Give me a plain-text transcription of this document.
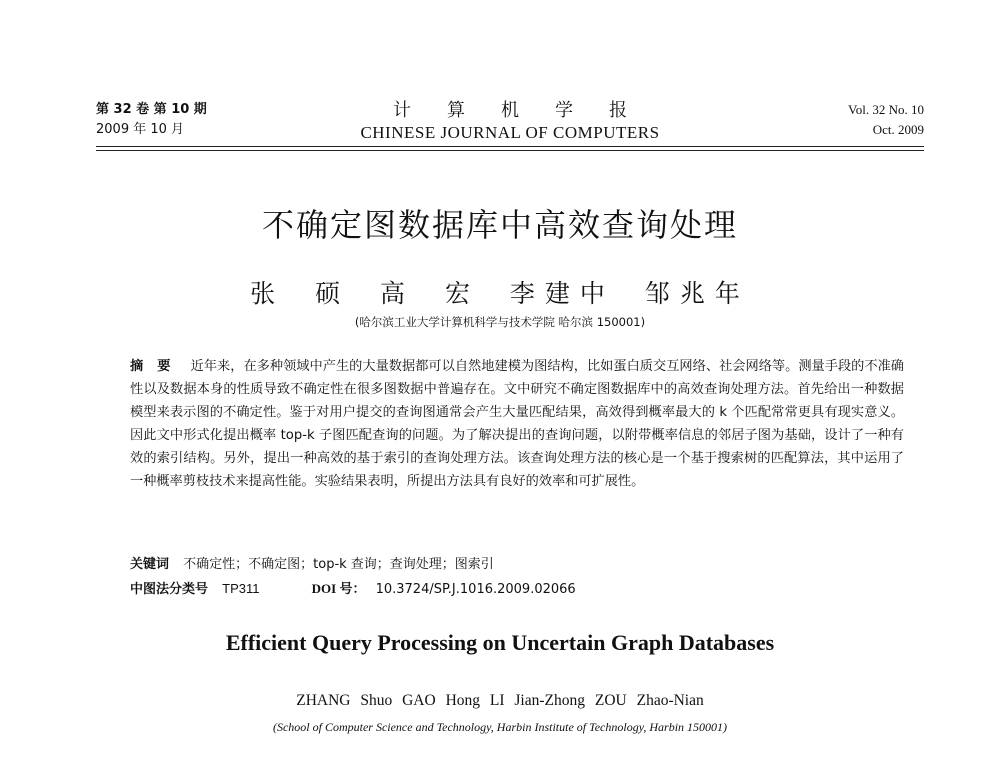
第 32 卷 第 10 期
2009 年 10 月
计算机学报
CHINESE JOURNAL OF COMPUTERS
Vol. 32 No. 10
Oct. 2009
不确定图数据库中高效查询处理
张 硕 高 宏 李建中 邹兆年
(哈尔滨工业大学计算机科学与技术学院 哈尔滨 150001)
摘要 近年来，在多种领域中产生的大量数据都可以自然地建模为图结构，比如蛋白质交互网络、社会网络等。测量手段的不准确性以及数据本身的性质导致不确定性在很多图数据中普遍存在。文中研究不确定图数据库中的高效查询处理方法。首先给出一种数据模型来表示图的不确定性。鉴于对用户提交的查询图通常会产生大量匹配结果，高效得到概率最大的 k 个匹配常常更具有现实意义。因此文中形式化提出概率 top-k 子图匹配查询的问题。为了解决提出的查询问题，以附带概率信息的邻居子图为基础，设计了一种有效的索引结构。另外，提出一种高效的基于索引的查询处理方法。该查询处理方法的核心是一个基于搜索树的匹配算法，其中运用了一种概率剪枝技术来提高性能。实验结果表明，所提出方法具有良好的效率和可扩展性。
关键词 不确定性；不确定图；top-k 查询；查询处理；图索引
中图法分类号 TP311	DOI 号： 10.3724/SP.J.1016.2009.02066
Efficient Query Processing on Uncertain Graph Databases
ZHANG Shuo GAO Hong LI Jian-Zhong ZOU Zhao-Nian
(School of Computer Science and Technology, Harbin Institute of Technology, Harbin 150001)
